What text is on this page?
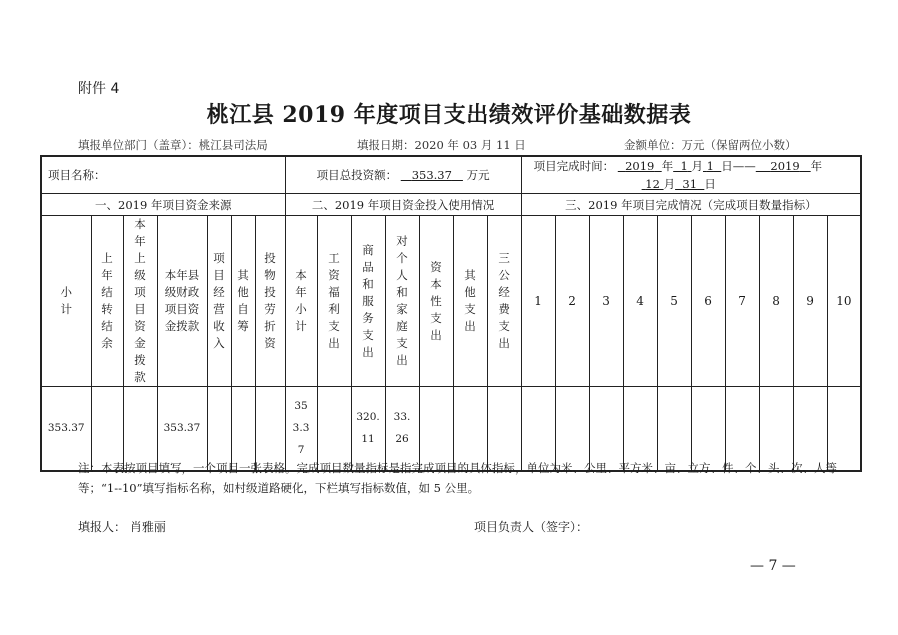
附件 4
桃江县 2019 年度项目支出绩效评价基础数据表
填报单位部门（盖章）：桃江县司法局	填报日期：2020 年 03 月 11 日	金额单位：万元（保留两位小数）
项目名称：							项目总投资额： 353.37 万元							项目完成时间： 2019 年 1 月 1 日—— 2019 年
12 月 31 日									
一、2019 年项目资金来源							二、2019 年项目资金投入使用情况							三、2019 年项目完成情况（完成项目数量指标）									
小计	上年结转结余	本年上级项目资金拨款	本年县级财政项目资金拨款	项目经营收入	其他自筹	投物投劳折资	本年小计	工资福利支出	商品和服务支出	对个人和家庭支出	资本性支出	其他支出	三公经费支出	1	2	3	4	5	6	7	8	9	10
353.37			353.37				353.37		320.11	33.26													
注：本表按项目填写，一个项目一张表格。完成项目数量指标是指完成项目的具体指标，单位为米、公里、平方米、亩、立方、件、个、头、次、人等等；“1--10”填写指标名称，如村级道路硬化，下栏填写指标数值，如 5 公里。
填报人： 肖雅丽	项目负责人（签字）：
— 7 —
